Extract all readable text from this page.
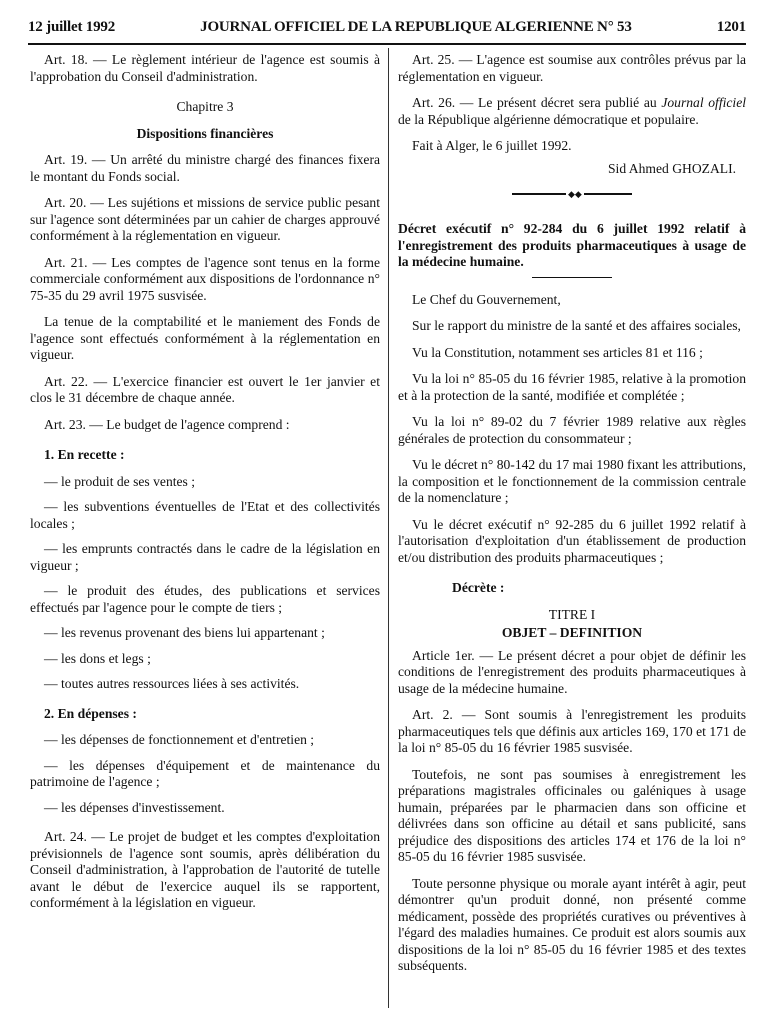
12 juillet 1992	JOURNAL OFFICIEL DE LA REPUBLIQUE ALGERIENNE N° 53	1201

Art. 18. — Le règlement intérieur de l'agence est soumis à l'approbation du Conseil d'administration.

Chapitre 3

Dispositions financières

Art. 19. — Un arrêté du ministre chargé des finances fixera le montant du Fonds social.

Art. 20. — Les sujétions et missions de service public pesant sur l'agence sont déterminées par un cahier de charges approuvé conformément à la réglementation en vigueur.

Art. 21. — Les comptes de l'agence sont tenus en la forme commerciale conformément aux dispositions de l'ordonnance n° 75-35 du 29 avril 1975 susvisée.

La tenue de la comptabilité et le maniement des Fonds de l'agence sont effectués conformément à la réglementation en vigueur.

Art. 22. — L'exercice financier est ouvert le 1er janvier et clos le 31 décembre de chaque année.

Art. 23. — Le budget de l'agence comprend :

1. En recette :
— le produit de ses ventes ;
— les subventions éventuelles de l'Etat et des collectivités locales ;
— les emprunts contractés dans le cadre de la législation en vigueur ;
— le produit des études, des publications et services effectués par l'agence pour le compte de tiers ;
— les revenus provenant des biens lui appartenant ;
— les dons et legs ;
— toutes autres ressources liées à ses activités.
2. En dépenses :
— les dépenses de fonctionnement et d'entretien ;
— les dépenses d'équipement et de maintenance du patrimoine de l'agence ;
— les dépenses d'investissement.

Art. 24. — Le projet de budget et les comptes d'exploitation prévisionnels de l'agence sont soumis, après délibération du Conseil d'administration, à l'approbation de l'autorité de tutelle avant le début de l'exercice auquel ils se rapportent, conformément à la législation en vigueur.

Art. 25. — L'agence est soumise aux contrôles prévus par la réglementation en vigueur.

Art. 26. — Le présent décret sera publié au Journal officiel de la République algérienne démocratique et populaire.

Fait à Alger, le 6 juillet 1992.

Sid Ahmed GHOZALI.

◆◆

Décret exécutif n° 92-284 du 6 juillet 1992 relatif à l'enregistrement des produits pharmaceutiques à usage de la médecine humaine.

Le Chef du Gouvernement,

Sur le rapport du ministre de la santé et des affaires sociales,

Vu la Constitution, notamment ses articles 81 et 116 ;

Vu la loi n° 85-05 du 16 février 1985, relative à la promotion et à la protection de la santé, modifiée et complétée ;

Vu la loi n° 89-02 du 7 février 1989 relative aux règles générales de protection du consommateur ;

Vu le décret n° 80-142 du 17 mai 1980 fixant les attributions, la composition et le fonctionnement de la commission centrale de la nomenclature ;

Vu le décret exécutif n° 92-285 du 6 juillet 1992 relatif à l'autorisation d'exploitation d'un établissement de production et/ou distribution des produits pharmaceutiques ;

Décrète :

TITRE I

OBJET – DEFINITION

Article 1er. — Le présent décret a pour objet de définir les conditions de l'enregistrement des produits pharmaceutiques à usage de la médecine humaine.

Art. 2. — Sont soumis à l'enregistrement les produits pharmaceutiques tels que définis aux articles 169, 170 et 171 de la loi n° 85-05 du 16 février 1985 susvisée.

Toutefois, ne sont pas soumises à enregistrement les préparations magistrales officinales ou galéniques à usage humain, préparées par le pharmacien dans son officine et délivrées dans son officine au détail et sans publicité, sans préjudice des dispositions des articles 174 et 176 de la loi n° 85-05 du 16 février 1985 susvisée.

Toute personne physique ou morale ayant intérêt à agir, peut démontrer qu'un produit donné, non présenté comme médicament, possède des propriétés curatives ou préventives à l'égard des maladies humaines. Ce produit est alors soumis aux dispositions de la loi n° 85-05 du 16 février 1985 et des textes subséquents.
